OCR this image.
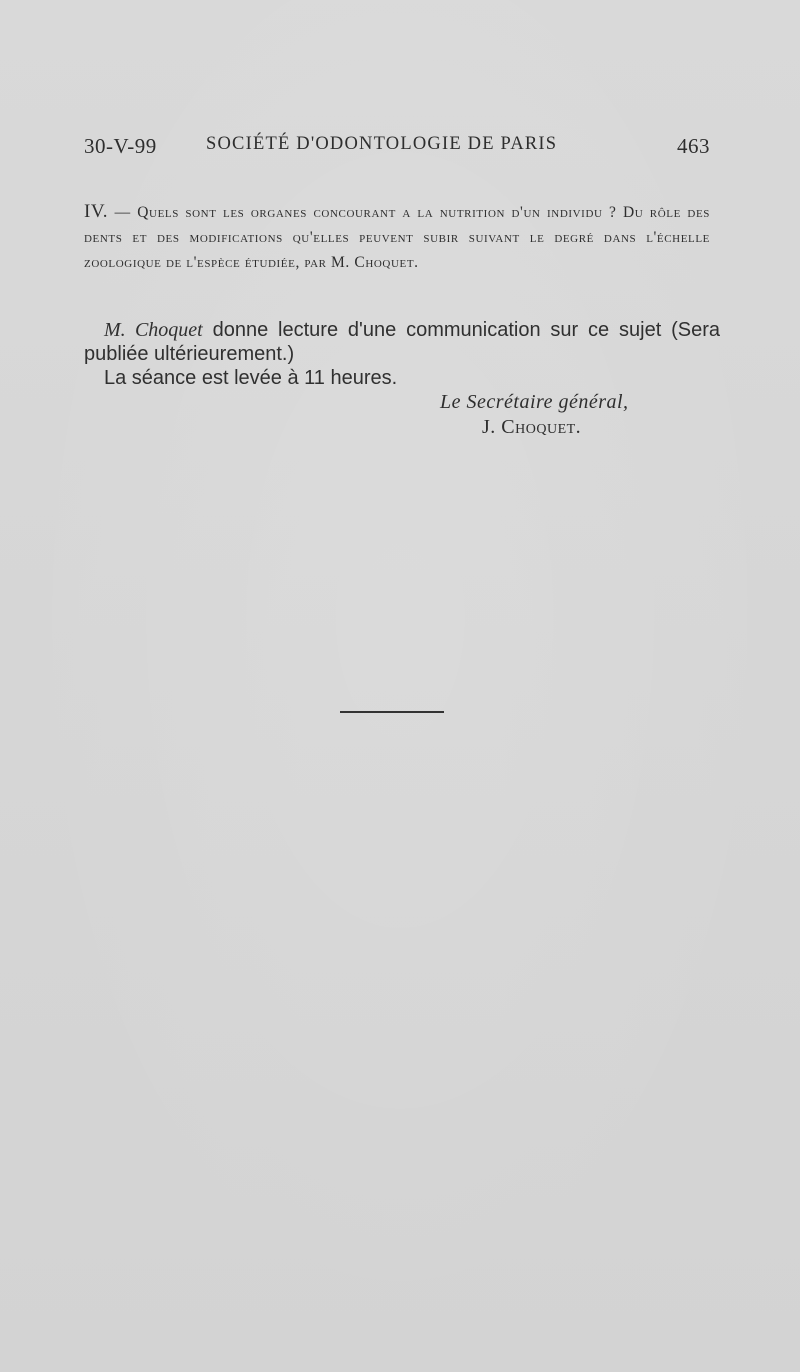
30-V-99	SOCIÉTÉ D'ODONTOLOGIE DE PARIS	463
IV. — Quels sont les organes concourant a la nutrition d'un individu ? Du rôle des dents et des modifications qu'elles peuvent subir suivant le degré dans l'échelle zoologique de l'espèce étudiée, par M. Choquet.
M. Choquet donne lecture d'une communication sur ce sujet (Sera publiée ultérieurement.)
La séance est levée à 11 heures.
Le Secrétaire général,
J. Choquet.
